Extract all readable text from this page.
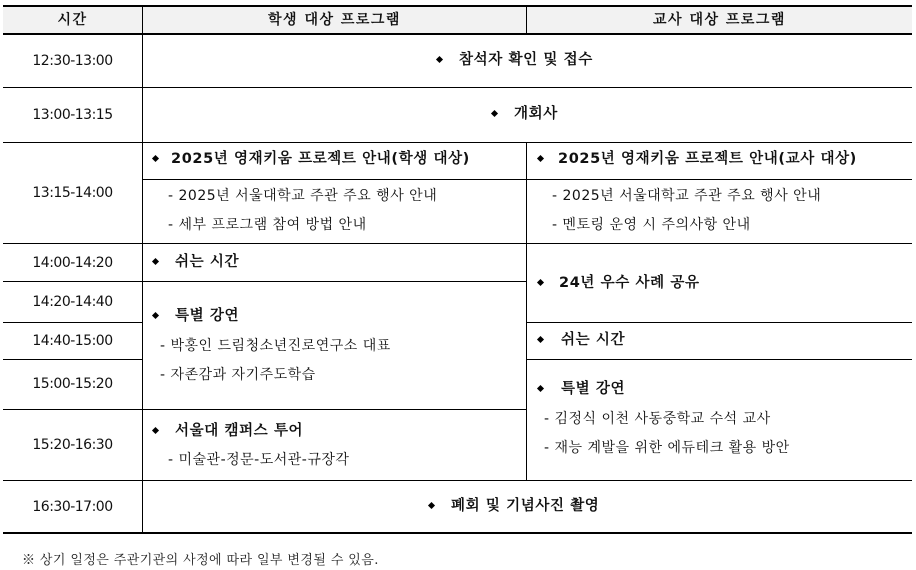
시간	학생 대상 프로그램	교사 대상 프로그램
12:30-13:00
13:00-13:15
13:15-14:00
14:00-14:20
14:20-14:40
14:40-15:00
15:00-15:20
15:20-16:30
16:30-17:00
참석자 확인 및 접수
개회사
폐회 및 기념사진 촬영
2025년 영재키움 프로젝트 안내(학생 대상)
- 2025년 서울대학교 주관 주요 행사 안내
- 세부 프로그램 참여 방법 안내
2025년 영재키움 프로젝트 안내(교사 대상)
- 2025년 서울대학교 주관 주요 행사 안내
- 멘토링 운영 시 주의사항 안내
쉬는 시간
특별 강연
- 박홍인 드림청소년진로연구소 대표
- 자존감과 자기주도학습
서울대 캠퍼스 투어
- 미술관-정문-도서관-규장각
24년 우수 사례 공유
쉬는 시간
특별 강연
- 김정식 이천 사동중학교 수석 교사
- 재능 계발을 위한 에듀테크 활용 방안
※ 상기 일정은 주관기관의 사정에 따라 일부 변경될 수 있음.
